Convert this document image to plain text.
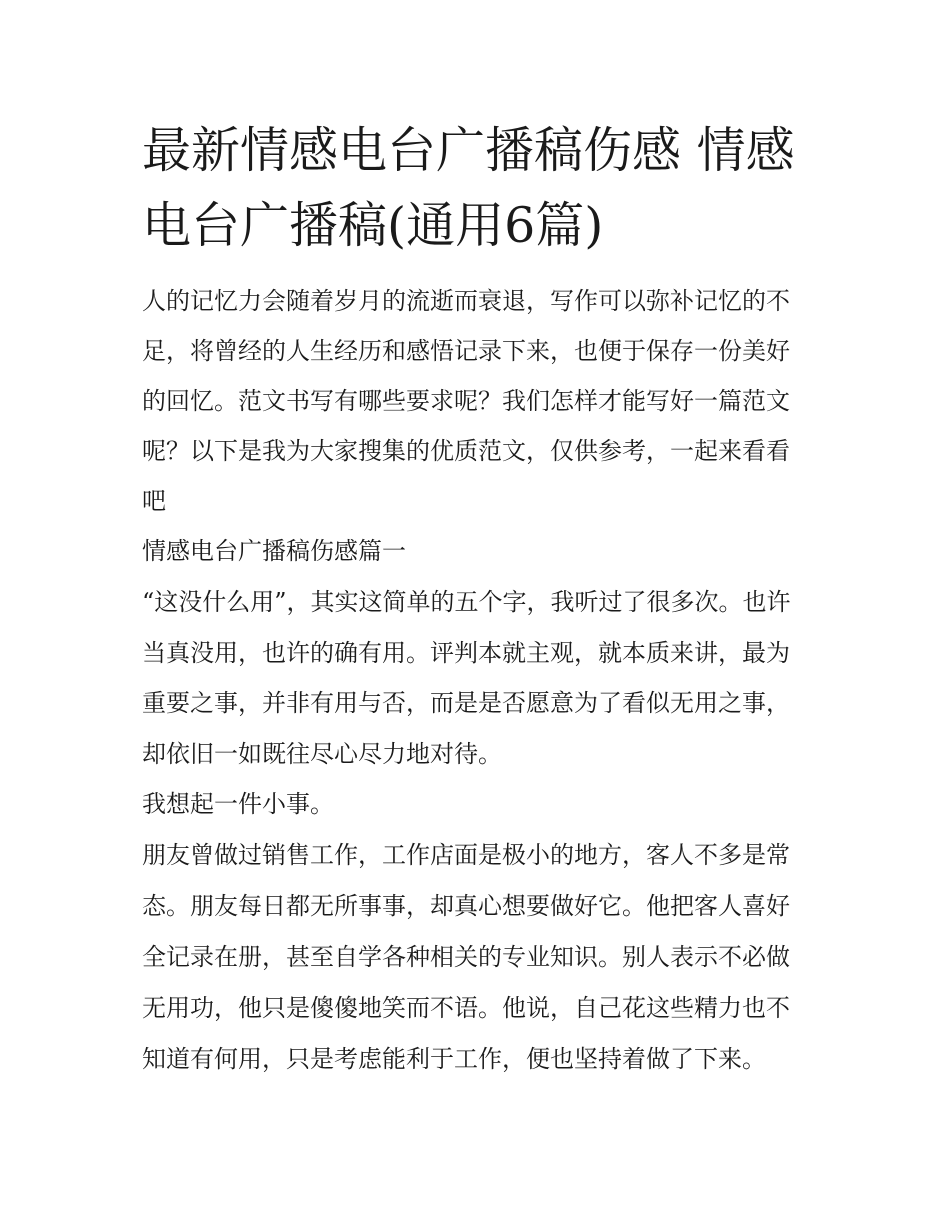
最新情感电台广播稿伤感 情感
电台广播稿(通用6篇)

人的记忆力会随着岁月的流逝而衰退，写作可以弥补记忆的不

足，将曾经的人生经历和感悟记录下来，也便于保存一份美好

的回忆。范文书写有哪些要求呢？我们怎样才能写好一篇范文

呢？以下是我为大家搜集的优质范文，仅供参考，一起来看看

吧

情感电台广播稿伤感篇一

“这没什么用”，其实这简单的五个字，我听过了很多次。也许

当真没用，也许的确有用。评判本就主观，就本质来讲，最为

重要之事，并非有用与否，而是是否愿意为了看似无用之事，

却依旧一如既往尽心尽力地对待。

我想起一件小事。

朋友曾做过销售工作，工作店面是极小的地方，客人不多是常

态。朋友每日都无所事事，却真心想要做好它。他把客人喜好

全记录在册，甚至自学各种相关的专业知识。别人表示不必做

无用功，他只是傻傻地笑而不语。他说，自己花这些精力也不

知道有何用，只是考虑能利于工作，便也坚持着做了下来。
